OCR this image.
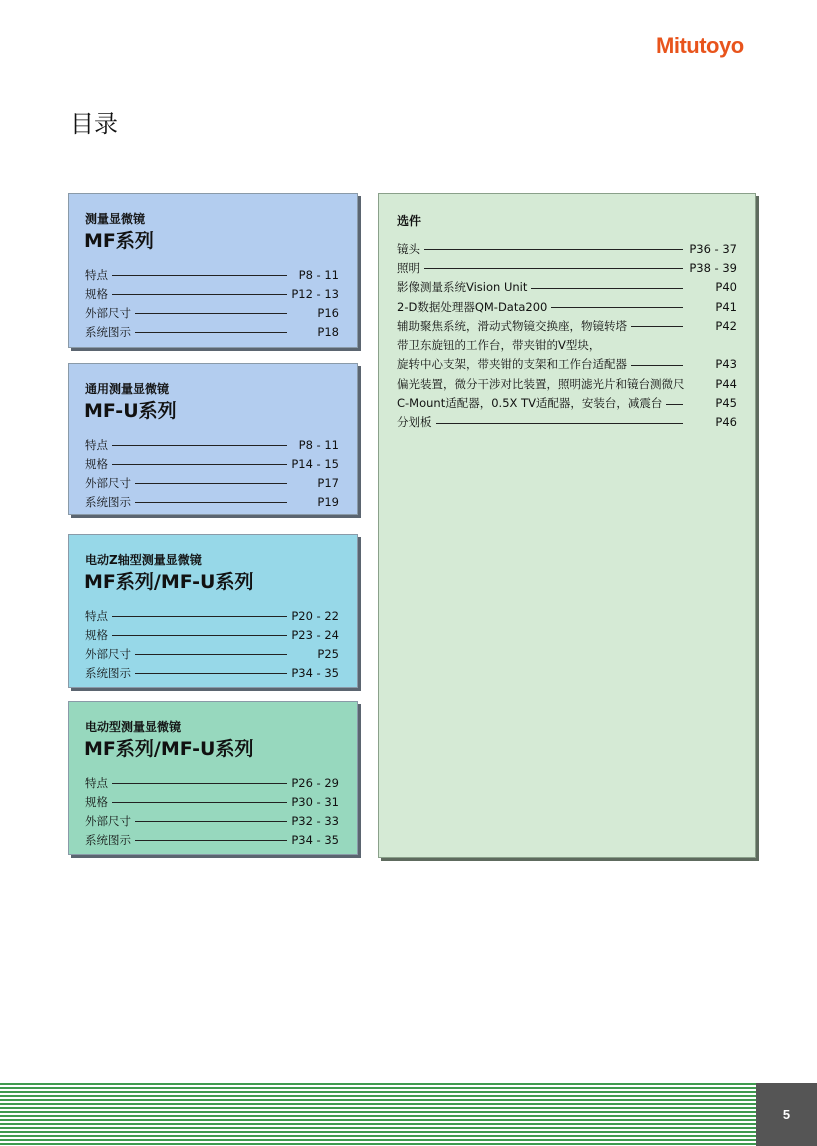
Mitutoyo
目录
测量显微镜
MF系列
特点	P8 - 11
规格	P12 - 13
外部尺寸	P16
系统图示	P18
通用测量显微镜
MF-U系列
特点	P8 - 11
规格	P14 - 15
外部尺寸	P17
系统图示	P19
电动Z轴型测量显微镜
MF系列/MF-U系列
特点	P20 - 22
规格	P23 - 24
外部尺寸	P25
系统图示	P34 - 35
电动型测量显微镜
MF系列/MF-U系列
特点	P26 - 29
规格	P30 - 31
外部尺寸	P32 - 33
系统图示	P34 - 35
选件
镜头	P36 - 37
照明	P38 - 39
影像测量系统Vision Unit	P40
2-D数据处理器QM-Data200	P41
辅助聚焦系统，滑动式物镜交换座，物镜转塔	P42
带卫东旋钮的工作台，带夹钳的V型块，
旋转中心支架，带夹钳的支架和工作台适配器	P43
偏光装置，微分干涉对比装置，照明滤光片和镜台测微尺	P44
C-Mount适配器，0.5X TV适配器，安装台，减震台	P45
分划板	P46
5
